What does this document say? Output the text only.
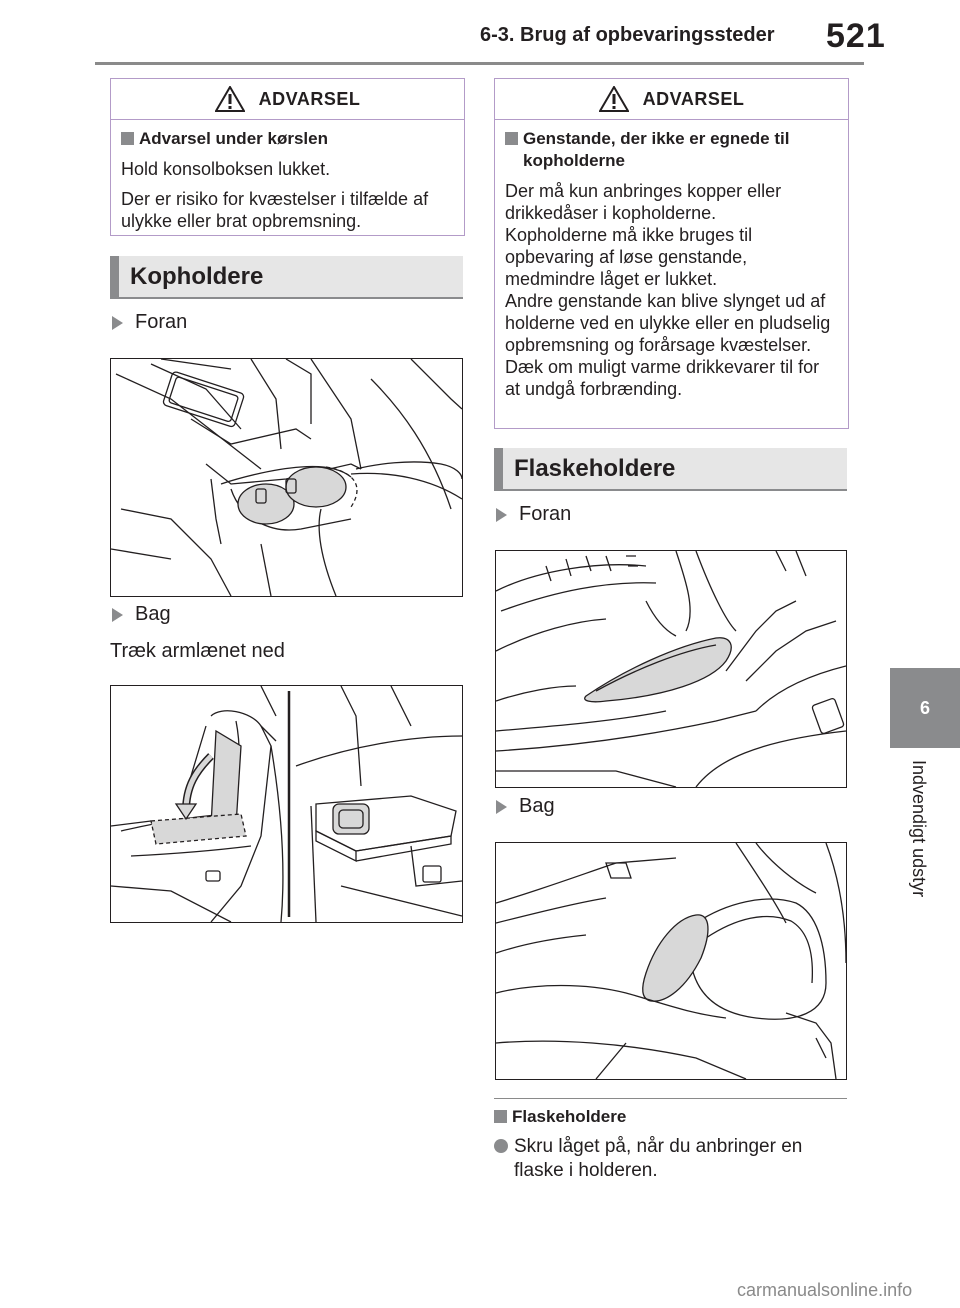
6-3. Brug af opbevaringssteder 521
6
Indvendigt udstyr
ADVARSEL
Advarsel under kørslen
Hold konsolboksen lukket.
Der er risiko for kvæstelser i tilfælde af ulykke eller brat opbremsning.
Kopholdere
Foran
Bag
Træk armlænet ned
ADVARSEL
Genstande, der ikke er egnede til kopholderne
Der må kun anbringes kopper eller drikkedåser i kopholderne.
Kopholderne må ikke bruges til opbevaring af løse genstande, medmindre låget er lukket.
Andre genstande kan blive slynget ud af holderne ved en ulykke eller en pludselig opbremsning og forårsage kvæstelser. Dæk om muligt varme drikkevarer til for at undgå forbrænding.
Flaskeholdere
Foran
Bag
Flaskeholdere
Skru låget på, når du anbringer en flaske i holderen.
carmanualsonline.info
